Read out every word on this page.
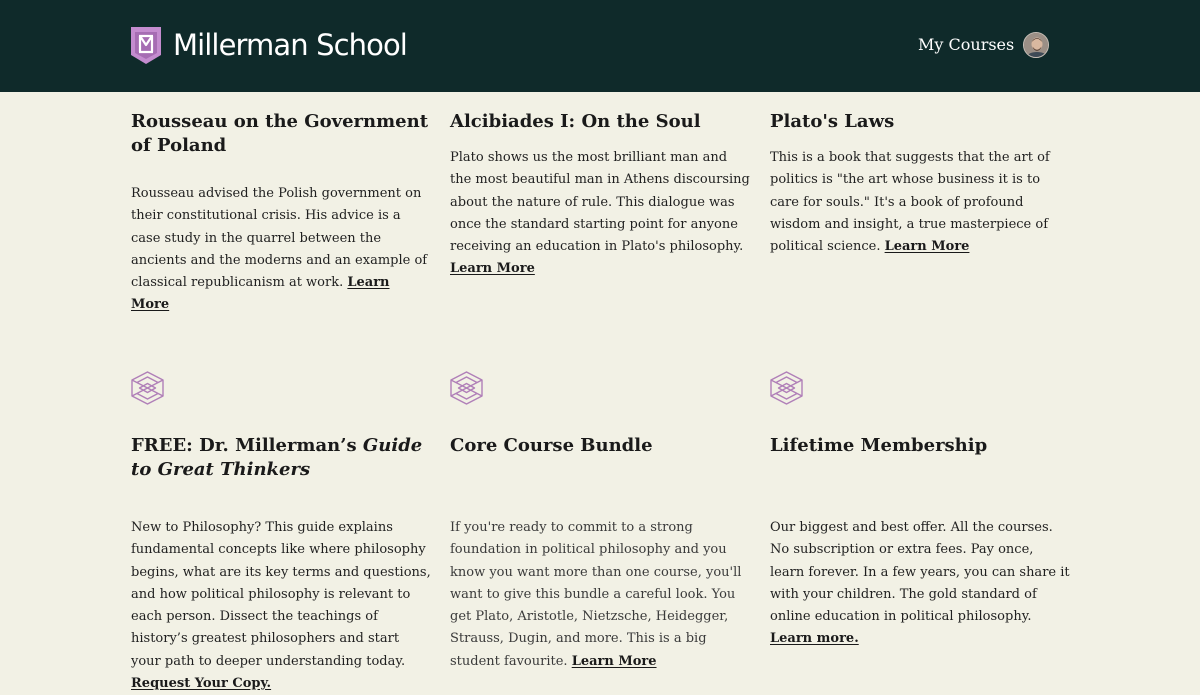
Millerman School	My Courses
Rousseau on the Government of Poland

Rousseau advised the Polish government on their constitutional crisis. His advice is a case study in the quarrel between the ancients and the moderns and an example of classical republicanism at work. Learn More

Alcibiades I: On the Soul

Plato shows us the most brilliant man and the most beautiful man in Athens discoursing about the nature of rule. This dialogue was once the standard starting point for anyone receiving an education in Plato's philosophy. Learn More

Plato's Laws

This is a book that suggests that the art of politics is "the art whose business it is to care for souls." It's a book of profound wisdom and insight, a true masterpiece of political science. Learn More

FREE: Dr. Millerman’s Guide to Great Thinkers

New to Philosophy? This guide explains fundamental concepts like where philosophy begins, what are its key terms and questions, and how political philosophy is relevant to each person. Dissect the teachings of history’s greatest philosophers and start your path to deeper understanding today. Request Your Copy.

Core Course Bundle

If you're ready to commit to a strong foundation in political philosophy and you know you want more than one course, you'll want to give this bundle a careful look. You get Plato, Aristotle, Nietzsche, Heidegger, Strauss, Dugin, and more. This is a big student favourite. Learn More

Lifetime Membership

Our biggest and best offer. All the courses. No subscription or extra fees. Pay once, learn forever. In a few years, you can share it with your children. The gold standard of online education in political philosophy. Learn more.
